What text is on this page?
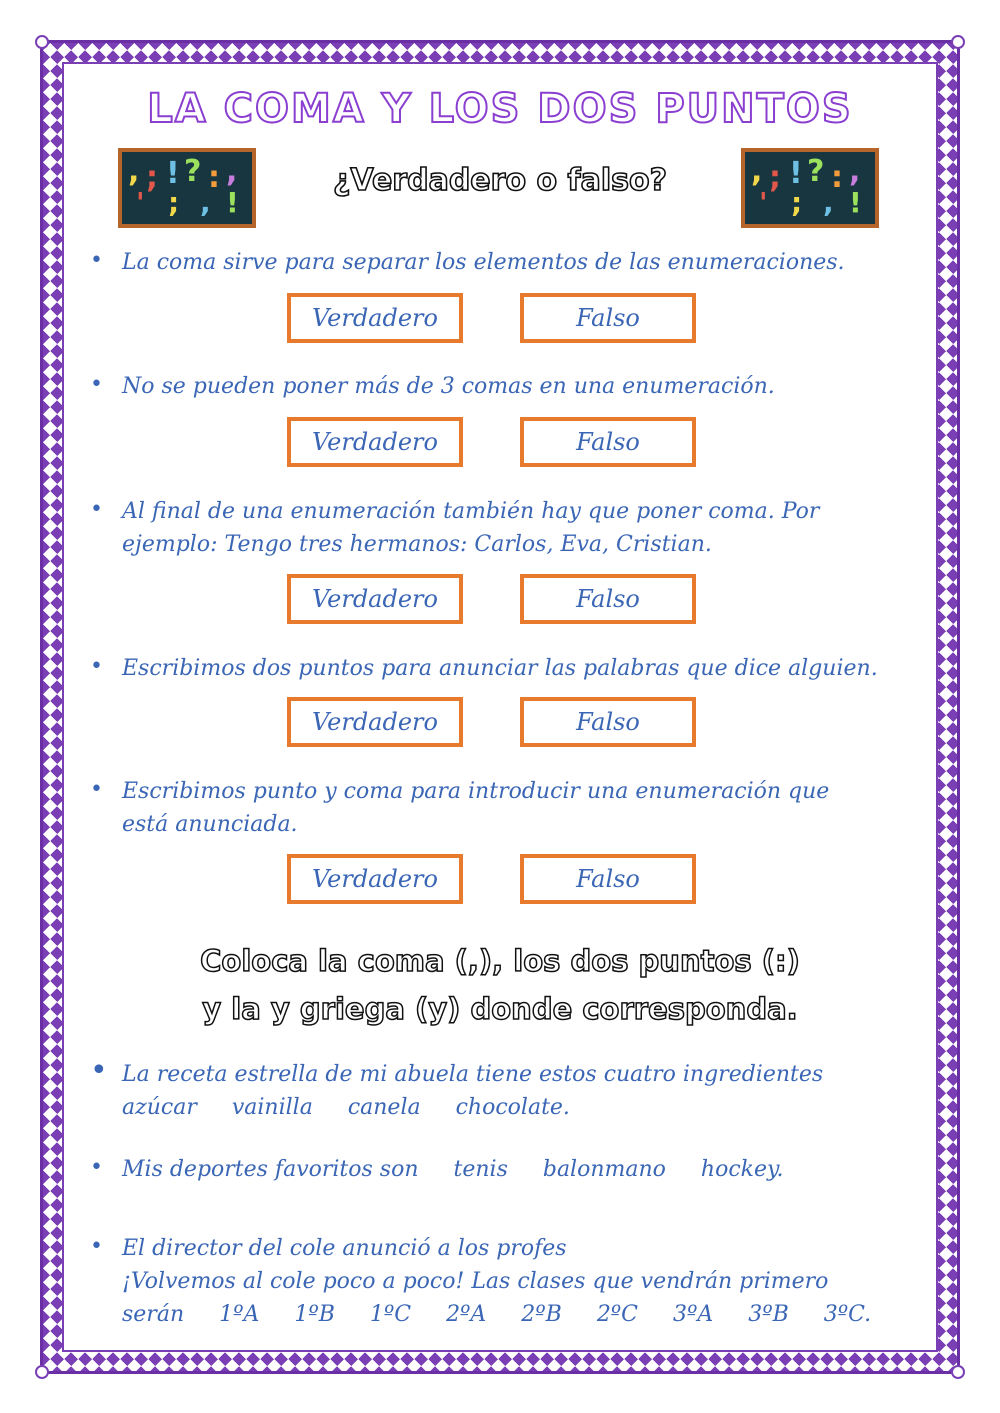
LA COMA Y LOS DOS PUNTOS
, ; ! ? : ,
' ; , !
, ; ! ? : ,
' ; , !
¿Verdadero o falso?
• La coma sirve para separar los elementos de las enumeraciones.
Verdadero	Falso
• No se pueden poner más de 3 comas en una enumeración.
Verdadero	Falso
• Al final de una enumeración también hay que poner coma. Por
ejemplo: Tengo tres hermanos: Carlos, Eva, Cristian.
Verdadero	Falso
• Escribimos dos puntos para anunciar las palabras que dice alguien.
Verdadero	Falso
• Escribimos punto y coma para introducir una enumeración que
está anunciada.
Verdadero	Falso
Coloca la coma (,), los dos puntos (:)
y la y griega (y) donde corresponda.
• La receta estrella de mi abuela tiene estos cuatro ingredientes
azúcar vainilla canela chocolate.
• Mis deportes favoritos son tenis balonmano hockey.
• El director del cole anunció a los profes
¡Volvemos al cole poco a poco! Las clases que vendrán primero
serán 1ºA 1ºB 1ºC 2ºA 2ºB 2ºC 3ºA 3ºB 3ºC.
